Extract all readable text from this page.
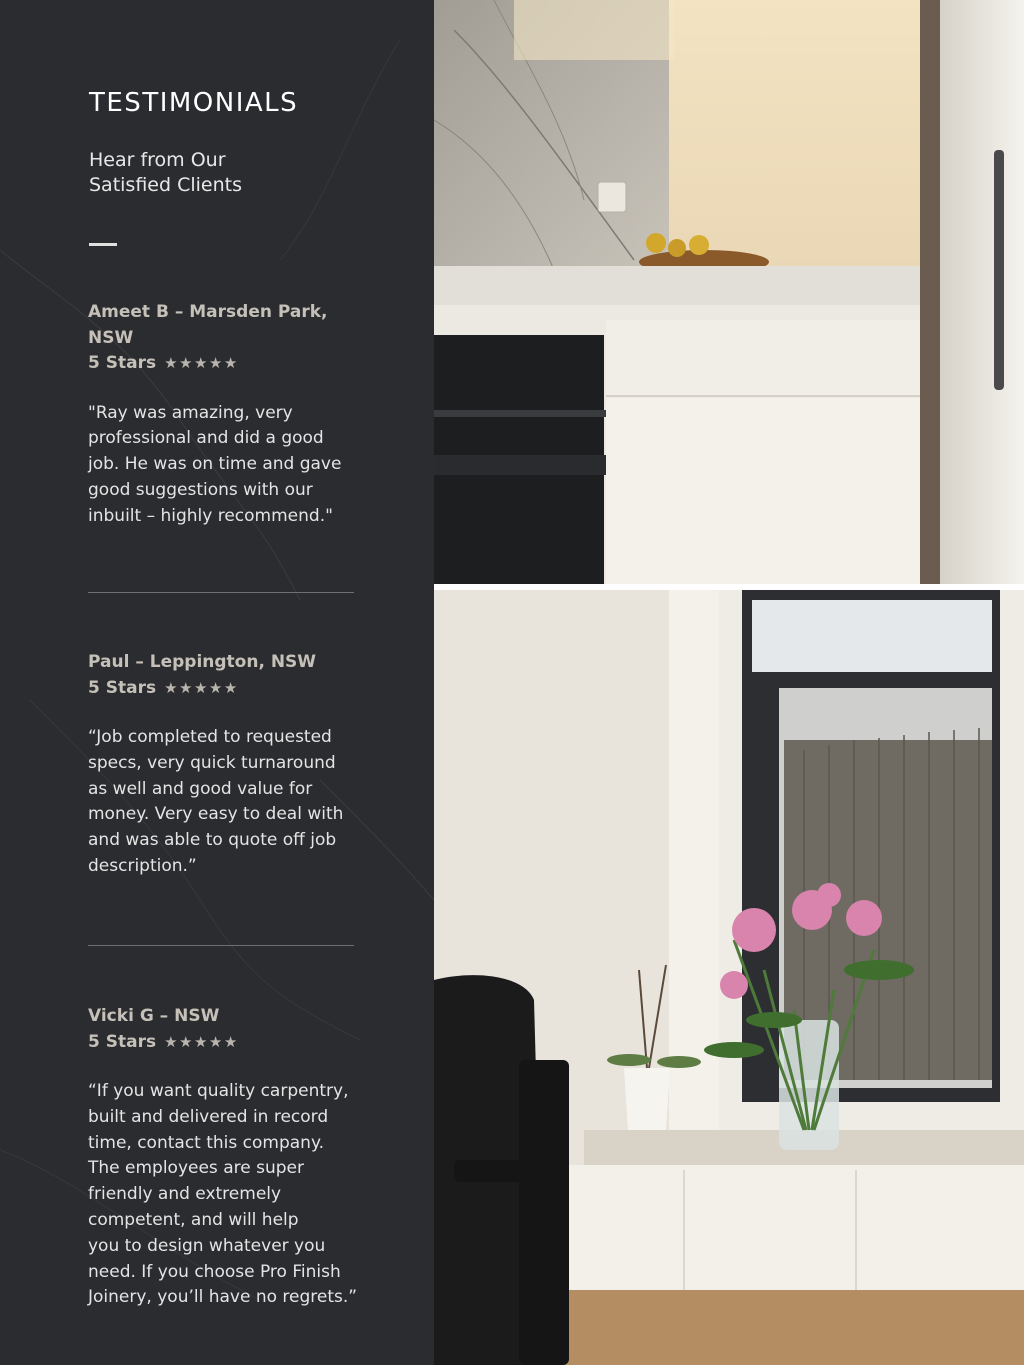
TESTIMONIALS
Hear from Our
Satisfied Clients

Ameet B – Marsden Park,
NSW

5 Stars ★★★★★

"Ray was amazing, very
professional and did a good
job. He was on time and gave
good suggestions with our
inbuilt – highly recommend."

Paul – Leppington, NSW

5 Stars ★★★★★

“Job completed to requested
specs, very quick turnaround
as well and good value for
money. Very easy to deal with
and was able to quote off job
description.”

Vicki G – NSW

5 Stars ★★★★★

“If you want quality carpentry,
built and delivered in record
time, contact this company.
The employees are super
friendly and extremely
competent, and will help
you to design whatever you
need. If you choose Pro Finish
Joinery, you’ll have no regrets.”
